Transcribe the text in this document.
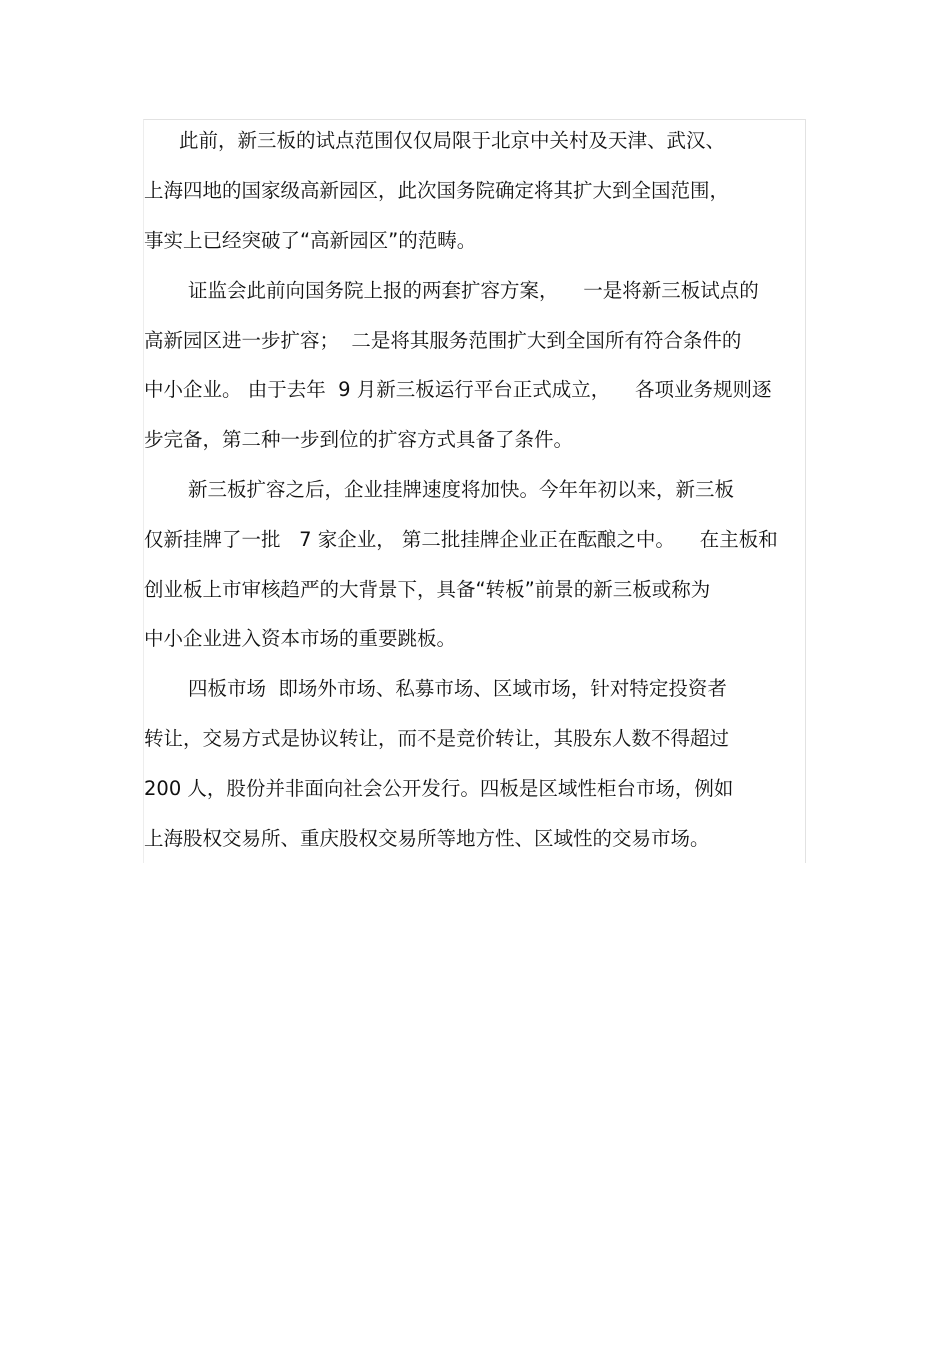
此前，新三板的试点范围仅仅局限于北京中关村及天津、武汉、
上海四地的国家级高新园区，此次国务院确定将其扩大到全国范围，
事实上已经突破了“高新园区”的范畴。
证监会此前向国务院上报的两套扩容方案，    一是将新三板试点的
高新园区进一步扩容；  二是将其服务范围扩大到全国所有符合条件的
中小企业。 由于去年  9 月新三板运行平台正式成立，    各项业务规则逐
步完备，第二种一步到位的扩容方式具备了条件。
新三板扩容之后，企业挂牌速度将加快。今年年初以来，新三板
仅新挂牌了一批   7 家企业， 第二批挂牌企业正在酝酿之中。    在主板和
创业板上市审核趋严的大背景下，具备“转板”前景的新三板或称为
中小企业进入资本市场的重要跳板。
四板市场  即场外市场、私募市场、区域市场，针对特定投资者
转让，交易方式是协议转让，而不是竞价转让，其股东人数不得超过
200 人，股份并非面向社会公开发行。四板是区域性柜台市场，例如
上海股权交易所、重庆股权交易所等地方性、区域性的交易市场。
